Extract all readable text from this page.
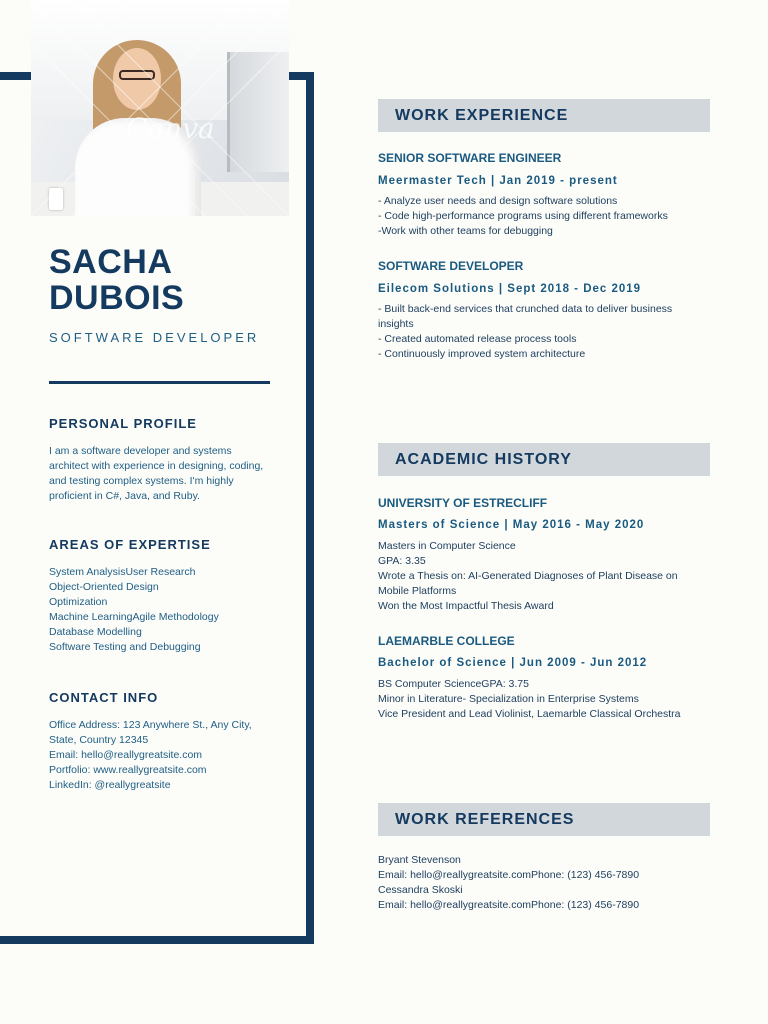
Canva
SACHA
DUBOIS
SOFTWARE DEVELOPER
PERSONAL PROFILE
I am a software developer and systems
architect with experience in designing, coding,
and testing complex systems. I'm highly
proficient in C#, Java, and Ruby.
AREAS OF EXPERTISE
System AnalysisUser Research
Object-Oriented Design
Optimization
Machine LearningAgile Methodology
Database Modelling
Software Testing and Debugging
CONTACT INFO
Office Address: 123 Anywhere St., Any City,
State, Country 12345
Email: hello@reallygreatsite.com
Portfolio: www.reallygreatsite.com
LinkedIn: @reallygreatsite
WORK EXPERIENCE
SENIOR SOFTWARE ENGINEER
Meermaster Tech | Jan 2019 - present
- Analyze user needs and design software solutions
- Code high-performance programs using different frameworks
-Work with other teams for debugging
SOFTWARE DEVELOPER
Eilecom Solutions | Sept 2018 - Dec 2019
- Built back-end services that crunched data to deliver business insights
- Created automated release process tools
- Continuously improved system architecture
ACADEMIC HISTORY
UNIVERSITY OF ESTRECLIFF
Masters of Science | May 2016 - May 2020
Masters in Computer Science
GPA: 3.35
Wrote a Thesis on: AI-Generated Diagnoses of Plant Disease on Mobile Platforms
Won the Most Impactful Thesis Award
LAEMARBLE COLLEGE
Bachelor of Science | Jun 2009 - Jun 2012
BS Computer ScienceGPA: 3.75
Minor in Literature- Specialization in Enterprise Systems
Vice President and Lead Violinist, Laemarble Classical Orchestra
WORK REFERENCES
Bryant Stevenson
Email: hello@reallygreatsite.comPhone: (123) 456-7890
Cessandra Skoski
Email: hello@reallygreatsite.comPhone: (123) 456-7890
